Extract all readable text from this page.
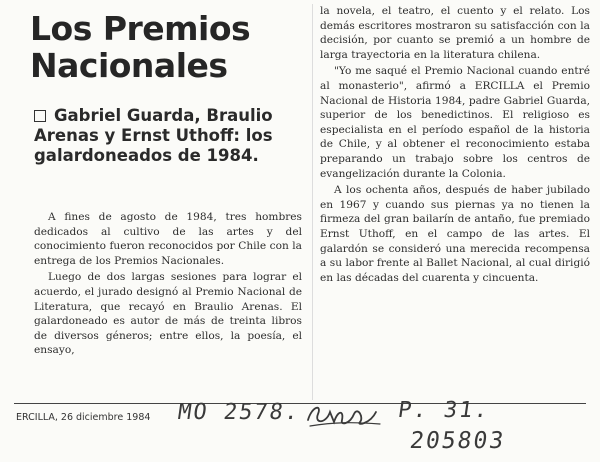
Los Premios
Nacionales
Gabriel Guarda, Braulio Arenas y Ernst Uthoff: los galardoneados de 1984.

A fines de agosto de 1984, tres hombres dedicados al cultivo de las artes y del conocimiento fueron reconocidos por Chile con la entrega de los Premios Nacionales.

Luego de dos largas sesiones para lograr el acuerdo, el jurado designó al Premio Nacional de Literatura, que recayó en Braulio Arenas. El galardoneado es autor de más de treinta libros de diversos géneros; entre ellos, la poesía, el ensayo,

la novela, el teatro, el cuento y el relato. Los demás escritores mostraron su satisfacción con la decisión, por cuanto se premió a un hombre de larga trayectoria en la literatura chilena.

"Yo me saqué el Premio Nacional cuando entré al monasterio", afirmó a ERCILLA el Premio Nacional de Historia 1984, padre Gabriel Guarda, superior de los benedictinos. El religioso es especialista en el período español de la historia de Chile, y al obtener el reconocimiento estaba preparando un trabajo sobre los centros de evangelización durante la Colonia.

A los ochenta años, después de haber jubilado en 1967 y cuando sus piernas ya no tienen la firmeza del gran bailarín de antaño, fue premiado Ernst Uthoff, en el campo de las artes. El galardón se consideró una merecida recompensa a su labor frente al Ballet Nacional, al cual dirigió en las décadas del cuarenta y cincuenta.

ERCILLA, 26 diciembre 1984 MO 2578.	P. 31.
205803
